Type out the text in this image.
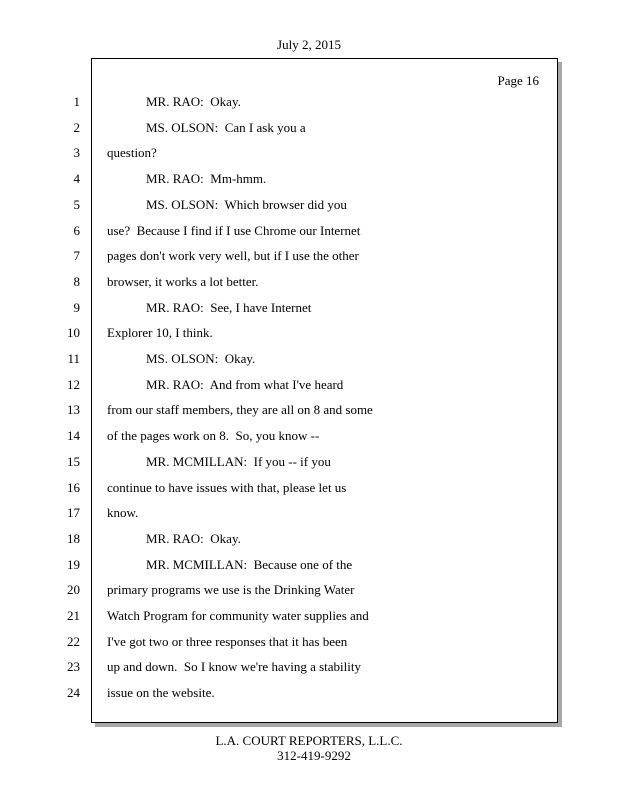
July 2, 2015
Page 16
1 MR. RAO:  Okay.
2 MS. OLSON:  Can I ask you a
3 question?
4 MR. RAO:  Mm-hmm.
5 MS. OLSON:  Which browser did you
6 use?  Because I find if I use Chrome our Internet
7 pages don't work very well, but if I use the other
8 browser, it works a lot better.
9 MR. RAO:  See, I have Internet
10 Explorer 10, I think.
11 MS. OLSON:  Okay.
12 MR. RAO:  And from what I've heard
13 from our staff members, they are all on 8 and some
14 of the pages work on 8.  So, you know --
15 MR. MCMILLAN:  If you -- if you
16 continue to have issues with that, please let us
17 know.
18 MR. RAO:  Okay.
19 MR. MCMILLAN:  Because one of the
20 primary programs we use is the Drinking Water
21 Watch Program for community water supplies and
22 I've got two or three responses that it has been
23 up and down.  So I know we're having a stability
24 issue on the website.
L.A. COURT REPORTERS, L.L.C.
312-419-9292
